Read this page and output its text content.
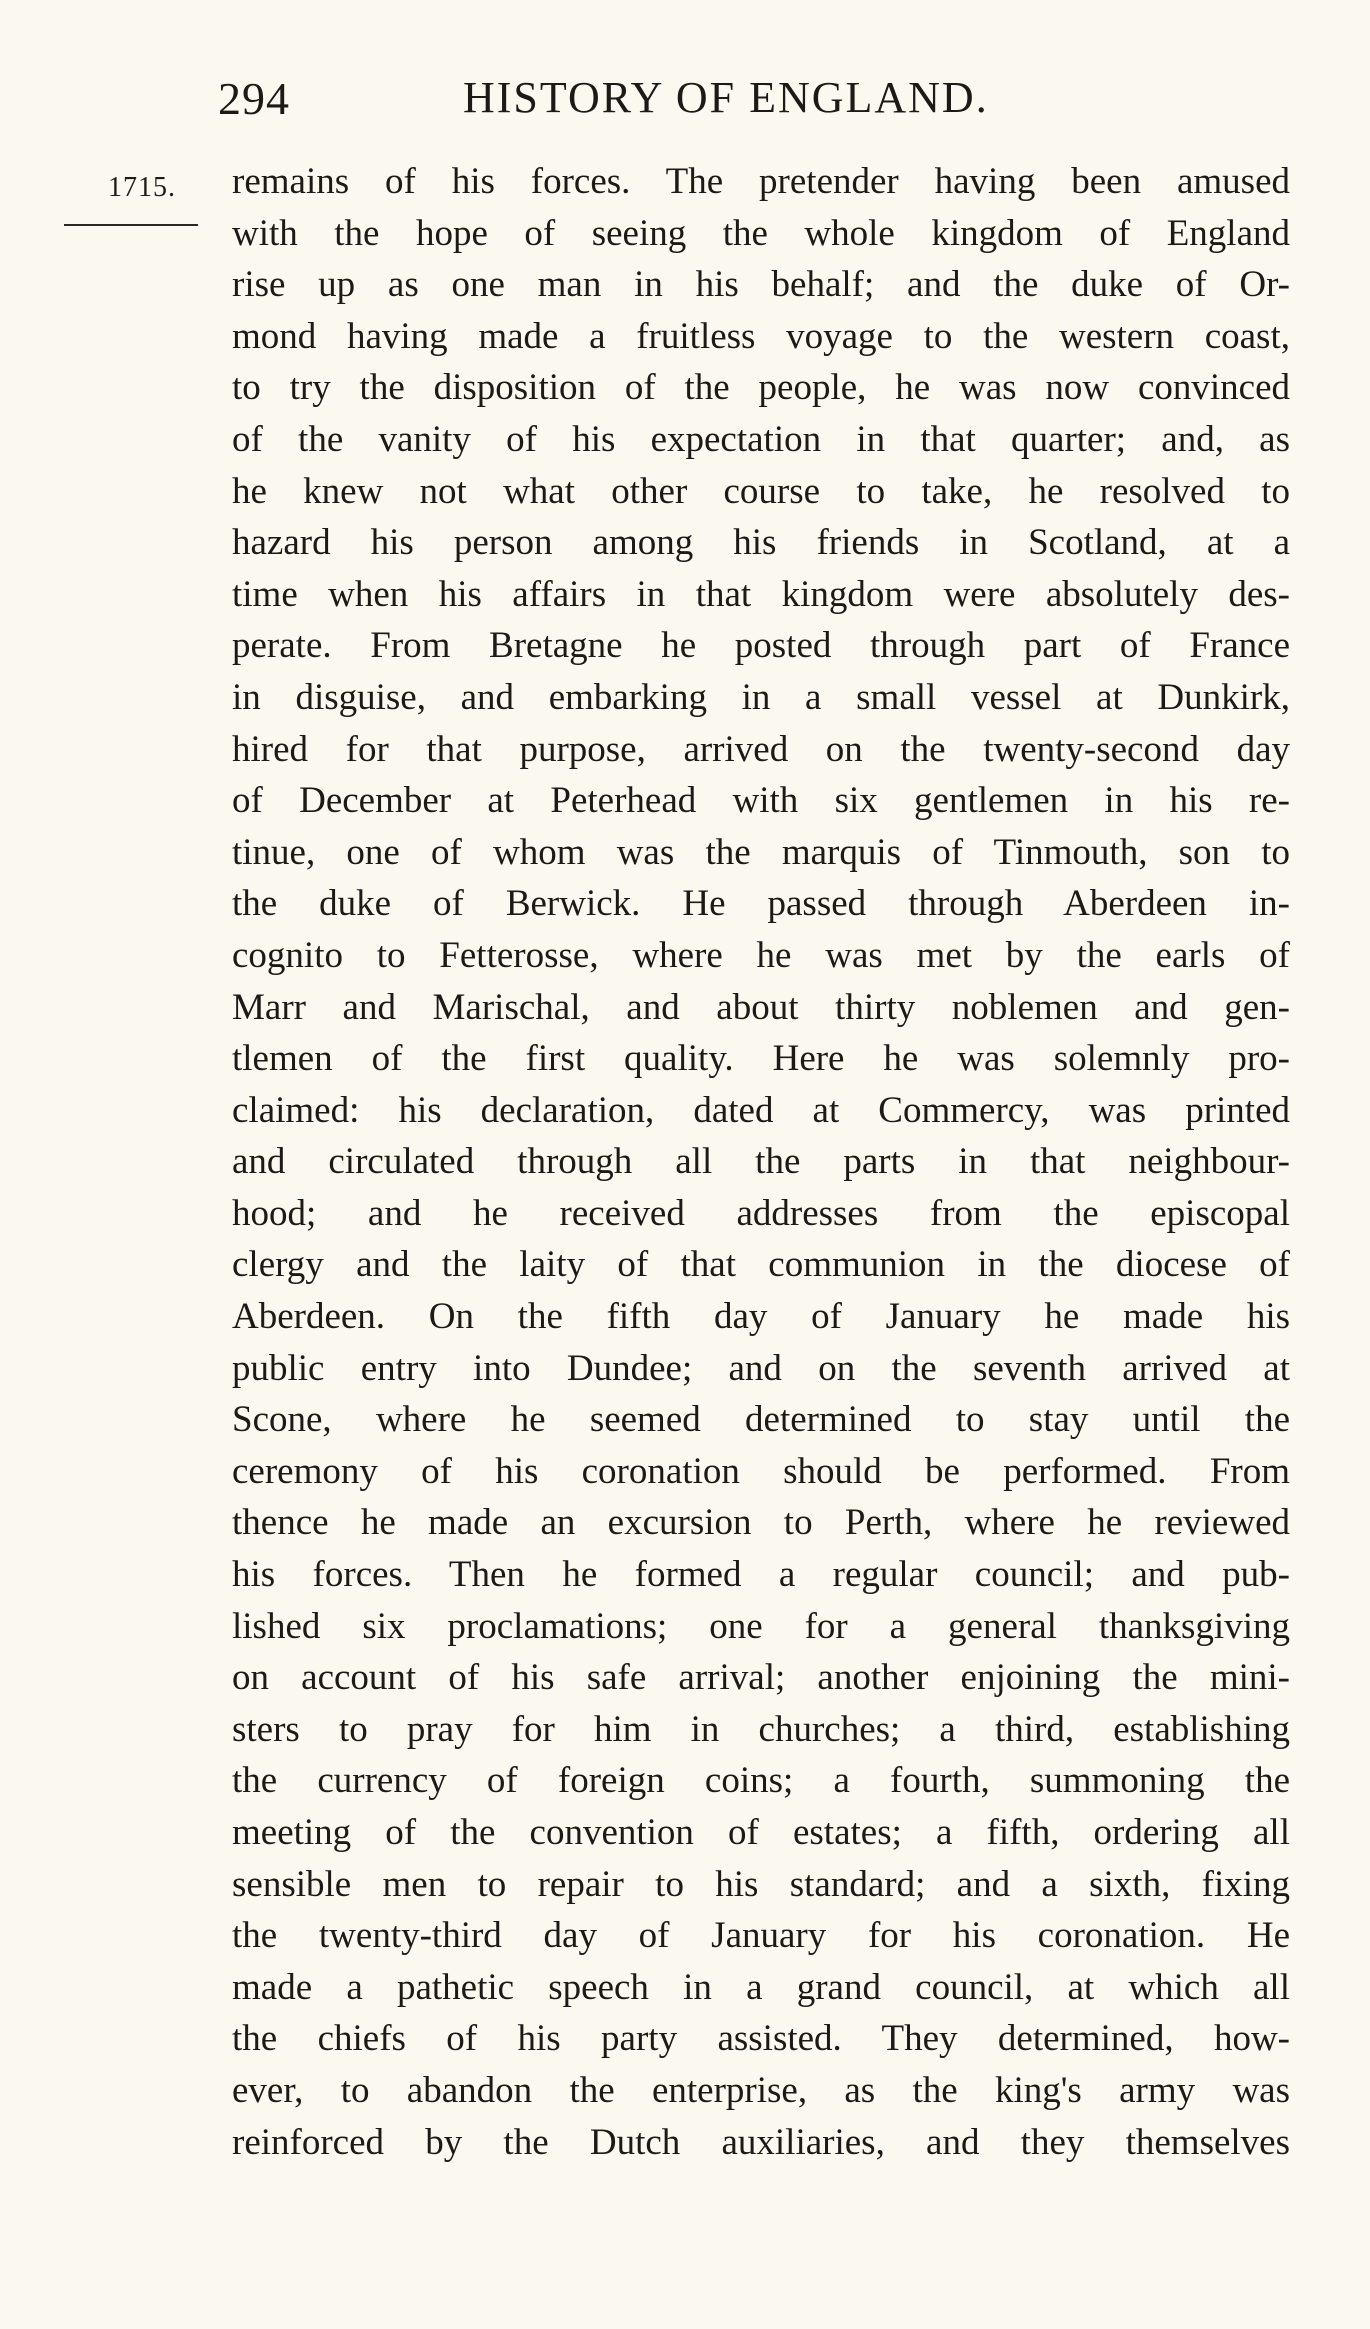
294	HISTORY OF ENGLAND.
1715. remains of his forces. The pretender having been amused
with the hope of seeing the whole kingdom of England
rise up as one man in his behalf; and the duke of Or-
mond having made a fruitless voyage to the western coast,
to try the disposition of the people, he was now convinced
of the vanity of his expectation in that quarter; and, as
he knew not what other course to take, he resolved to
hazard his person among his friends in Scotland, at a
time when his affairs in that kingdom were absolutely des-
perate. From Bretagne he posted through part of France
in disguise, and embarking in a small vessel at Dunkirk,
hired for that purpose, arrived on the twenty-second day
of December at Peterhead with six gentlemen in his re-
tinue, one of whom was the marquis of Tinmouth, son to
the duke of Berwick. He passed through Aberdeen in-
cognito to Fetterosse, where he was met by the earls of
Marr and Marischal, and about thirty noblemen and gen-
tlemen of the first quality. Here he was solemnly pro-
claimed: his declaration, dated at Commercy, was printed
and circulated through all the parts in that neighbour-
hood; and he received addresses from the episcopal
clergy and the laity of that communion in the diocese of
Aberdeen. On the fifth day of January he made his
public entry into Dundee; and on the seventh arrived at
Scone, where he seemed determined to stay until the
ceremony of his coronation should be performed. From
thence he made an excursion to Perth, where he reviewed
his forces. Then he formed a regular council; and pub-
lished six proclamations; one for a general thanksgiving
on account of his safe arrival; another enjoining the mini-
sters to pray for him in churches; a third, establishing
the currency of foreign coins; a fourth, summoning the
meeting of the convention of estates; a fifth, ordering all
sensible men to repair to his standard; and a sixth, fixing
the twenty-third day of January for his coronation. He
made a pathetic speech in a grand council, at which all
the chiefs of his party assisted. They determined, how-
ever, to abandon the enterprise, as the king's army was
reinforced by the Dutch auxiliaries, and they themselves
